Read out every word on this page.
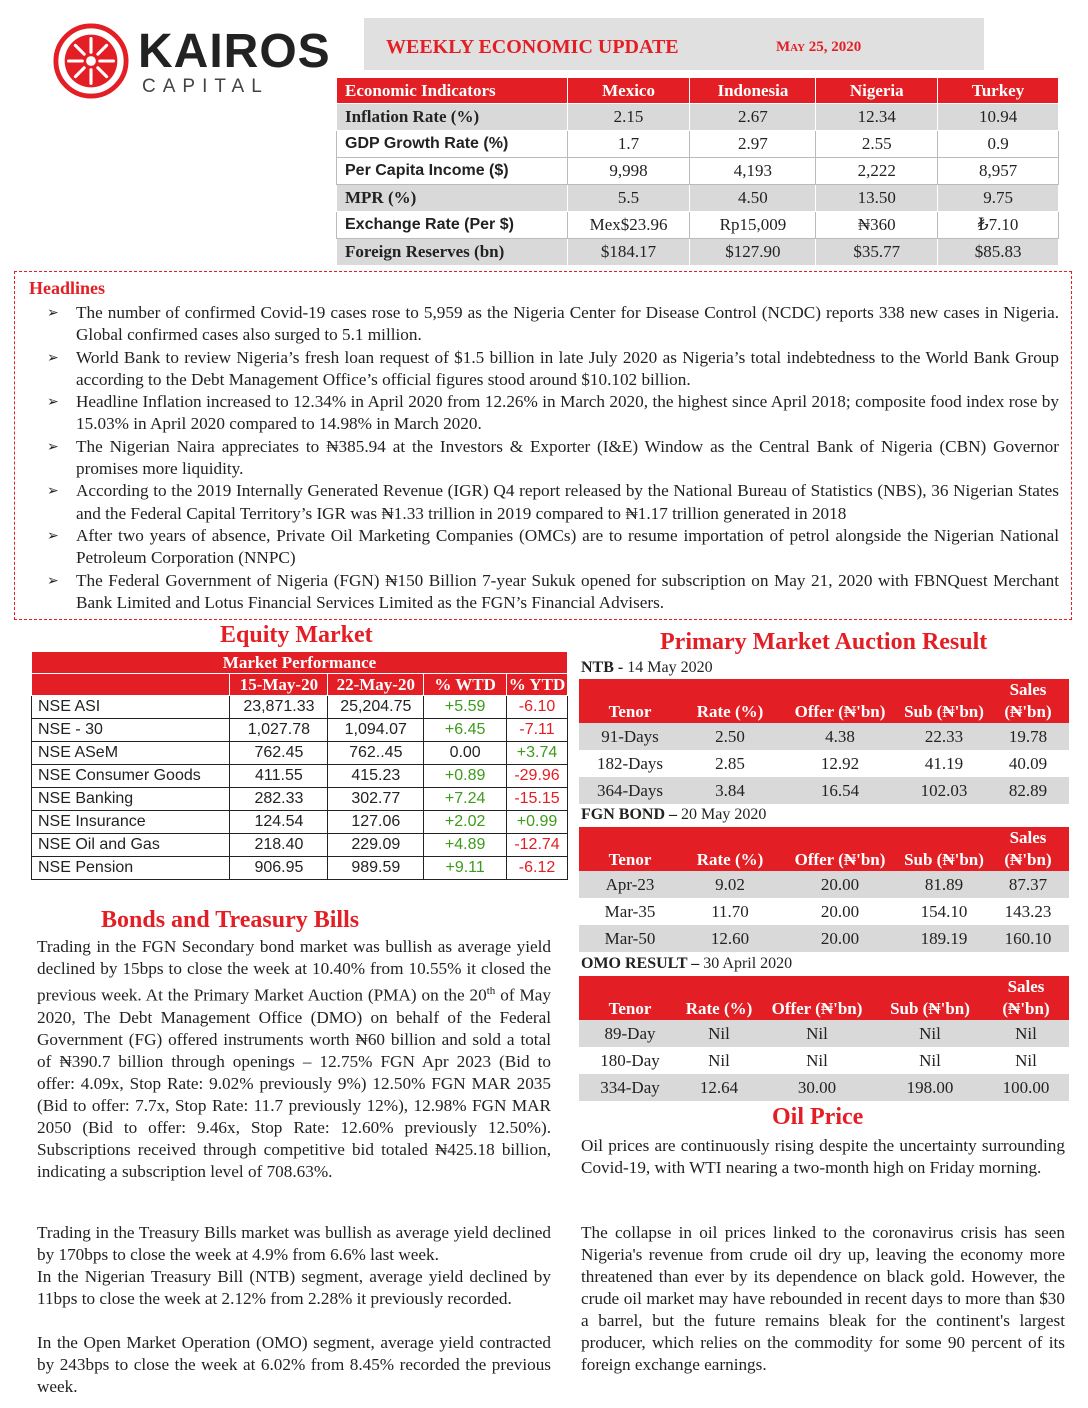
KAIROS
CAPITAL
WEEKLY ECONOMIC UPDATE	May 25, 2020
Economic Indicators	Mexico	Indonesia	Nigeria	Turkey
Inflation Rate (%)	2.15	2.67	12.34	10.94
GDP Growth Rate (%)	1.7	2.97	2.55	0.9
Per Capita Income ($)	9,998	4,193	2,222	8,957
MPR (%)	5.5	4.50	13.50	9.75
Exchange Rate (Per $)	Mex$23.96	Rp15,009	₦360	₺7.10
Foreign Reserves (bn)	$184.17	$127.90	$35.77	$85.83
Headlines
➢ The number of confirmed Covid-19 cases rose to 5,959 as the Nigeria Center for Disease Control (NCDC) reports 338 new cases in Nigeria. Global confirmed cases also surged to 5.1 million.
➢ World Bank to review Nigeria’s fresh loan request of $1.5 billion in late July 2020 as Nigeria’s total indebtedness to the World Bank Group according to the Debt Management Office’s official figures stood around $10.102 billion.
➢ Headline Inflation increased to 12.34% in April 2020 from 12.26% in March 2020, the highest since April 2018; composite food index rose by 15.03% in April 2020 compared to 14.98% in March 2020.
➢ The Nigerian Naira appreciates to ₦385.94 at the Investors & Exporter (I&E) Window as the Central Bank of Nigeria (CBN) Governor promises more liquidity.
➢ According to the 2019 Internally Generated Revenue (IGR) Q4 report released by the National Bureau of Statistics (NBS), 36 Nigerian States and the Federal Capital Territory’s IGR was ₦1.33 trillion in 2019 compared to ₦1.17 trillion generated in 2018
➢ After two years of absence, Private Oil Marketing Companies (OMCs) are to resume importation of petrol alongside the Nigerian National Petroleum Corporation (NNPC)
➢ The Federal Government of Nigeria (FGN) ₦150 Billion 7-year Sukuk opened for subscription on May 21, 2020 with FBNQuest Merchant Bank Limited and Lotus Financial Services Limited as the FGN’s Financial Advisers.
Equity Market
Market Performance				
	15-May-20	22-May-20	% WTD	% YTD
NSE ASI	23,871.33	25,204.75	+5.59	-6.10
NSE - 30	1,027.78	1,094.07	+6.45	-7.11
NSE ASeM	762.45	762..45	0.00	+3.74
NSE Consumer Goods	411.55	415.23	+0.89	-29.96
NSE Banking	282.33	302.77	+7.24	-15.15
NSE Insurance	124.54	127.06	+2.02	+0.99
NSE Oil and Gas	218.40	229.09	+4.89	-12.74
NSE Pension	906.95	989.59	+9.11	-6.12
Bonds and Treasury Bills
Trading in the FGN Secondary bond market was bullish as average yield declined by 15bps to close the week at 10.40% from 10.55% it closed the previous week. At the Primary Market Auction (PMA) on the 20th of May 2020, The Debt Management Office (DMO) on behalf of the Federal Government (FG) offered instruments worth ₦60 billion and sold a total of ₦390.7 billion through openings – 12.75% FGN Apr 2023 (Bid to offer: 4.09x, Stop Rate: 9.02% previously 9%) 12.50% FGN MAR 2035 (Bid to offer: 7.7x, Stop Rate: 11.7 previously 12%), 12.98% FGN MAR 2050 (Bid to offer: 9.46x, Stop Rate: 12.60% previously 12.50%). Subscriptions received through competitive bid totaled ₦425.18 billion, indicating a subscription level of 708.63%.
Trading in the Treasury Bills market was bullish as average yield declined by 170bps to close the week at 4.9% from 6.6% last week.
In the Nigerian Treasury Bill (NTB) segment, average yield declined by 11bps to close the week at 2.12% from 2.28% it previously recorded.
In the Open Market Operation (OMO) segment, average yield contracted by 243bps to close the week at 6.02% from 8.45% recorded the previous week.
Primary Market Auction Result
NTB - 14 May 2020
Tenor	Rate (%)	Offer (₦'bn)	Sub (₦'bn)	Sales (₦'bn)
91-Days	2.50	4.38	22.33	19.78
182-Days	2.85	12.92	41.19	40.09
364-Days	3.84	16.54	102.03	82.89
FGN BOND – 20 May 2020
Tenor	Rate (%)	Offer (₦'bn)	Sub (₦'bn)	Sales (₦'bn)
Apr-23	9.02	20.00	81.89	87.37
Mar-35	11.70	20.00	154.10	143.23
Mar-50	12.60	20.00	189.19	160.10
OMO RESULT – 30 April 2020
Tenor	Rate (%)	Offer (₦'bn)	Sub (₦'bn)	Sales (₦'bn)
89-Day	Nil	Nil	Nil	Nil
180-Day	Nil	Nil	Nil	Nil
334-Day	12.64	30.00	198.00	100.00
Oil Price
Oil prices are continuously rising despite the uncertainty surrounding Covid-19, with WTI nearing a two-month high on Friday morning.
The collapse in oil prices linked to the coronavirus crisis has seen Nigeria's revenue from crude oil dry up, leaving the economy more threatened than ever by its dependence on black gold. However, the crude oil market may have rebounded in recent days to more than $30 a barrel, but the future remains bleak for the continent's largest producer, which relies on the commodity for some 90 percent of its foreign exchange earnings.
